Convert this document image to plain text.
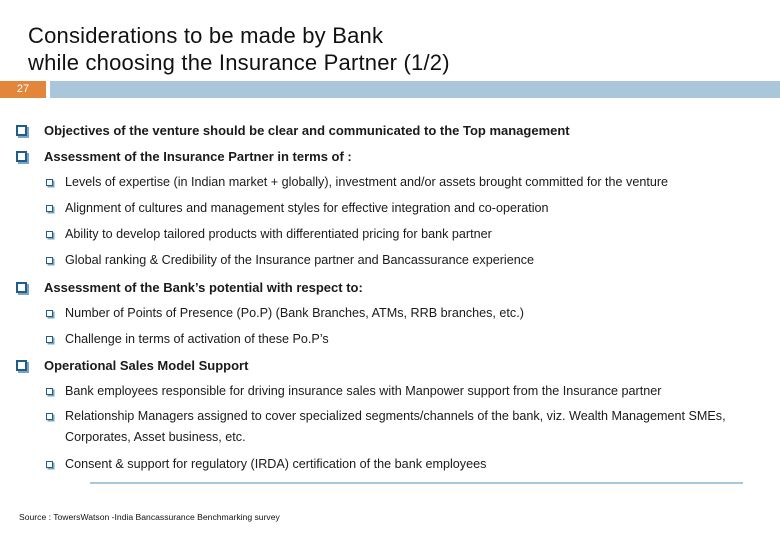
Considerations to be made by Bank
while choosing the Insurance Partner (1/2)
27
Objectives of the venture should be clear and communicated to the Top management
Assessment of the Insurance Partner in terms of :
Levels of expertise (in Indian market + globally), investment and/or assets brought committed for the venture
Alignment of cultures and management styles for effective integration and co-operation
Ability to develop tailored products with differentiated pricing for bank partner
Global ranking & Credibility of the Insurance partner and Bancassurance experience
Assessment of the Bank’s potential with respect to:
Number of Points of Presence (Po.P) (Bank Branches, ATMs, RRB branches, etc.)
Challenge in terms of activation of these Po.P’s
Operational Sales Model Support
Bank employees responsible for driving insurance sales with Manpower support from the Insurance partner
Relationship Managers assigned to cover specialized segments/channels of the bank, viz. Wealth Management SMEs, Corporates, Asset business, etc.
Consent & support for regulatory (IRDA) certification of the bank employees
Source : TowersWatson -India Bancassurance Benchmarking survey
